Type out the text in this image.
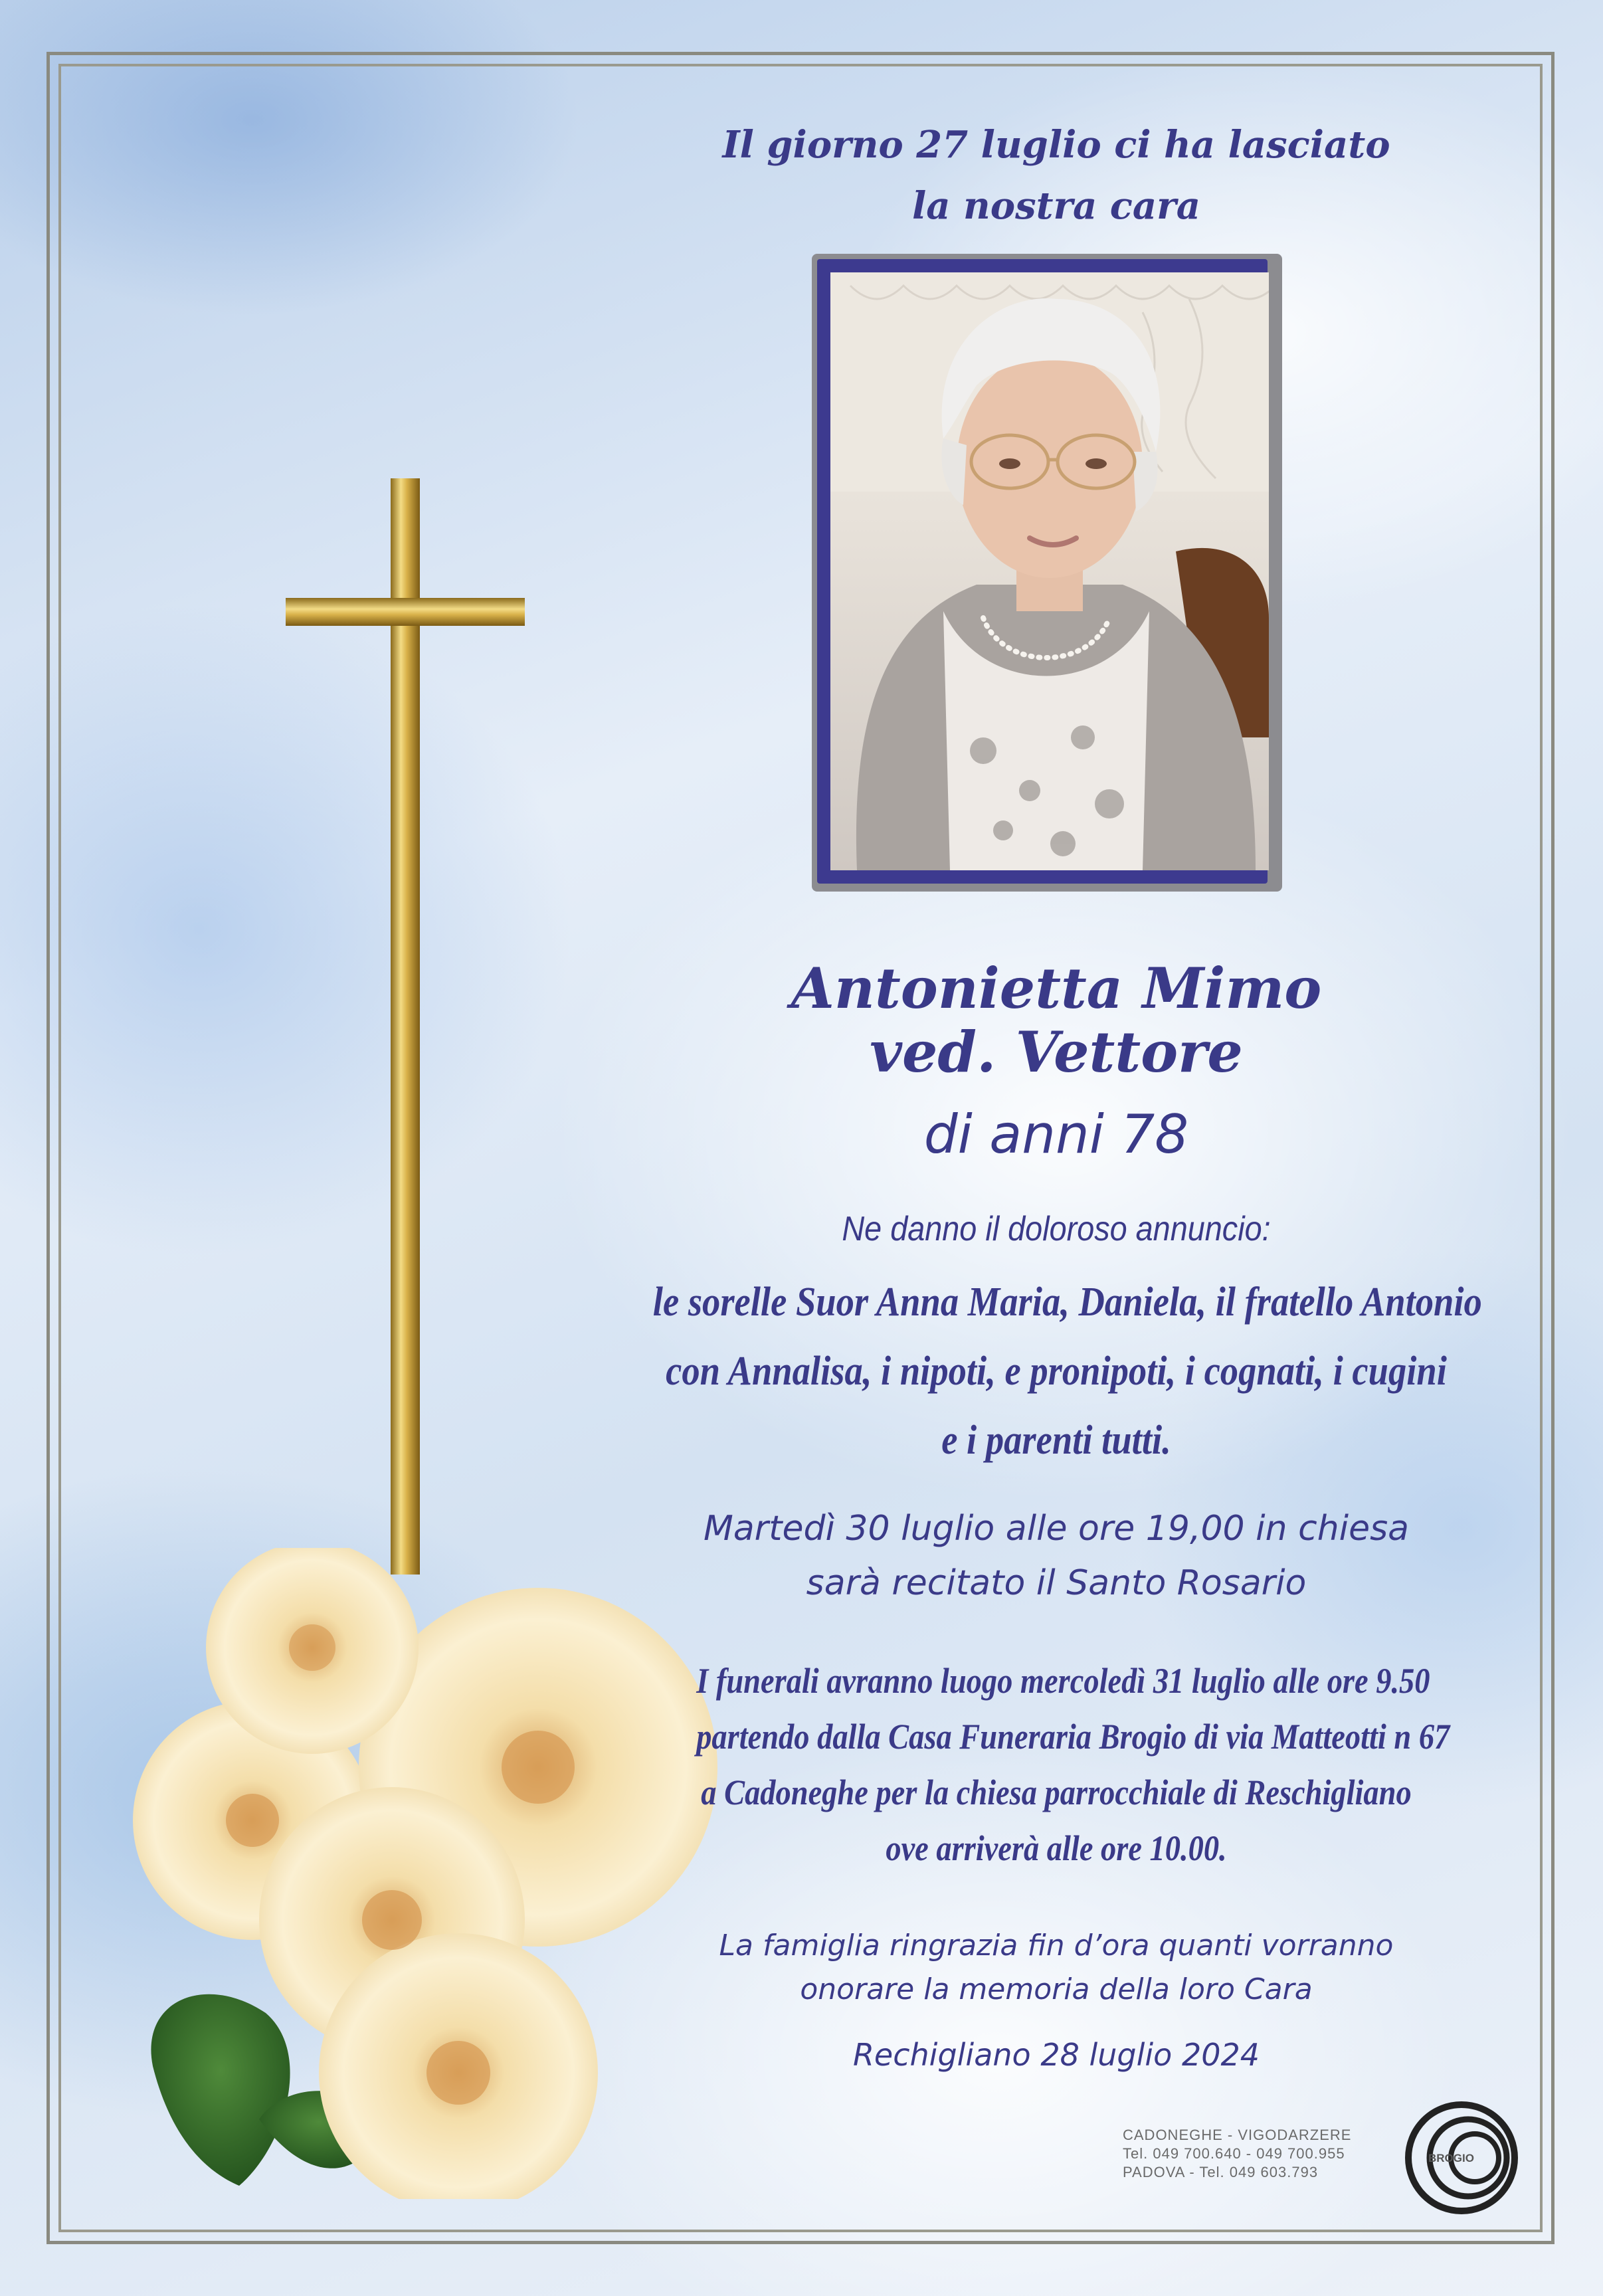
Il giorno 27 luglio ci ha lasciato
la nostra cara
Antonietta Mimo
ved. Vettore
di anni 78
Ne danno il doloroso annuncio:
le sorelle Suor Anna Maria, Daniela, il fratello Antonio
con Annalisa, i nipoti, e pronipoti, i cognati, i cugini
e i parenti tutti.
Martedì 30 luglio alle ore 19,00 in chiesa
sarà recitato il Santo Rosario
I funerali avranno luogo mercoledì 31 luglio alle ore 9.50
partendo dalla Casa Funeraria Brogio di via Matteotti n 67
a Cadoneghe per la chiesa parrocchiale di Reschigliano
ove arriverà alle ore 10.00.
La famiglia ringrazia fin d’ora quanti vorranno
onorare la memoria della loro Cara
Rechigliano 28 luglio 2024
CADONEGHE - VIGODARZERE
Tel. 049 700.640 - 049 700.955
PADOVA - Tel. 049 603.793
BROGIO
